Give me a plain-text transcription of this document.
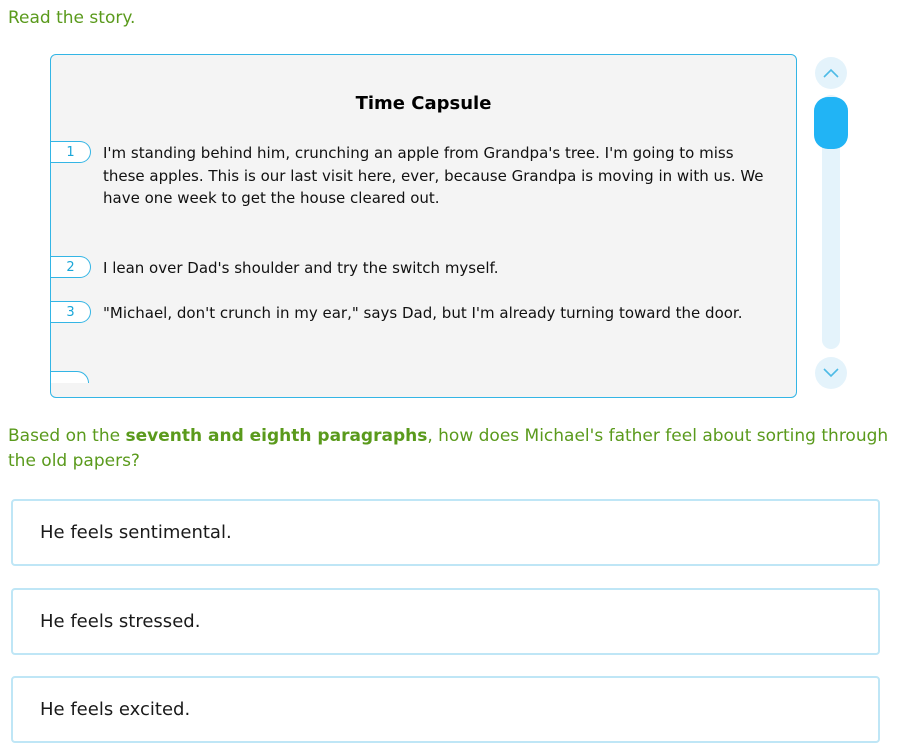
Read the story.

Time Capsule
1	I'm standing behind him, crunching an apple from Grandpa's tree. I'm going to miss these apples. This is our last visit here, ever, because Grandpa is moving in with us. We have one week to get the house cleared out.

2	I lean over Dad's shoulder and try the switch myself.

3	"Michael, don't crunch in my ear," says Dad, but I'm already turning toward the door.

Based on the seventh and eighth paragraphs, how does Michael's father feel about sorting through the old papers?

He feels sentimental.
He feels stressed.
He feels excited.
